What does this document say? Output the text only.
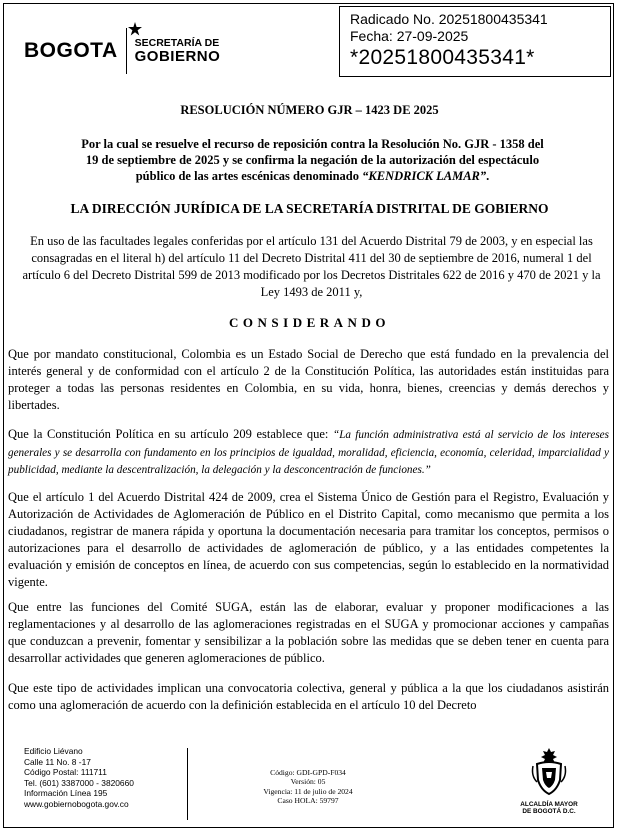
BOGOTA SECRETARÍA DE
GOBIERNO
Radicado No. 20251800435341
Fecha: 27-09-2025
*20251800435341*
RESOLUCIÓN NÚMERO GJR – 1423 DE 2025
Por la cual se resuelve el recurso de reposición contra la Resolución No. GJR - 1358 del
19 de septiembre de 2025 y se confirma la negación de la autorización del espectáculo
público de las artes escénicas denominado “KENDRICK LAMAR”.
LA DIRECCIÓN JURÍDICA DE LA SECRETARÍA DISTRITAL DE GOBIERNO
En uso de las facultades legales conferidas por el artículo 131 del Acuerdo Distrital 79 de 2003, y en especial las consagradas en el literal h) del artículo 11 del Decreto Distrital 411 del 30 de septiembre de 2016, numeral 1 del artículo 6 del Decreto Distrital 599 de 2013 modificado por los Decretos Distritales 622 de 2016 y 470 de 2021 y la Ley 1493 de 2011 y,
CONSIDERANDO
Que por mandato constitucional, Colombia es un Estado Social de Derecho que está fundado en la prevalencia del interés general y de conformidad con el artículo 2 de la Constitución Política, las autoridades están instituidas para proteger a todas las personas residentes en Colombia, en su vida, honra, bienes, creencias y demás derechos y libertades.
Que la Constitución Política en su artículo 209 establece que: “La función administrativa está al servicio de los intereses generales y se desarrolla con fundamento en los principios de igualdad, moralidad, eficiencia, economía, celeridad, imparcialidad y publicidad, mediante la descentralización, la delegación y la desconcentración de funciones.”
Que el artículo 1 del Acuerdo Distrital 424 de 2009, crea el Sistema Único de Gestión para el Registro, Evaluación y Autorización de Actividades de Aglomeración de Público en el Distrito Capital, como mecanismo que permita a los ciudadanos, registrar de manera rápida y oportuna la documentación necesaria para tramitar los conceptos, permisos o autorizaciones para el desarrollo de actividades de aglomeración de público, y a las entidades competentes la evaluación y emisión de conceptos en línea, de acuerdo con sus competencias, según lo establecido en la normatividad vigente.
Que entre las funciones del Comité SUGA, están las de elaborar, evaluar y proponer modificaciones a las reglamentaciones y al desarrollo de las aglomeraciones registradas en el SUGA y promocionar acciones y campañas que conduzcan a prevenir, fomentar y sensibilizar a la población sobre las medidas que se deben tener en cuenta para desarrollar actividades que generen aglomeraciones de público.
Que este tipo de actividades implican una convocatoria colectiva, general y pública a la que los ciudadanos asistirán como una aglomeración de acuerdo con la definición establecida en el artículo 10 del Decreto
Edificio Liévano
Calle 11 No. 8 -17
Código Postal: 111711
Tel. (601) 3387000 - 3820660
Información Línea 195
www.gobiernobogota.gov.co
Código: GDI-GPD-F034
Versión: 05
Vigencia: 11 de julio de 2024
Caso HOLA: 59797	ALCALDÍA MAYOR
DE BOGOTÁ D.C.
